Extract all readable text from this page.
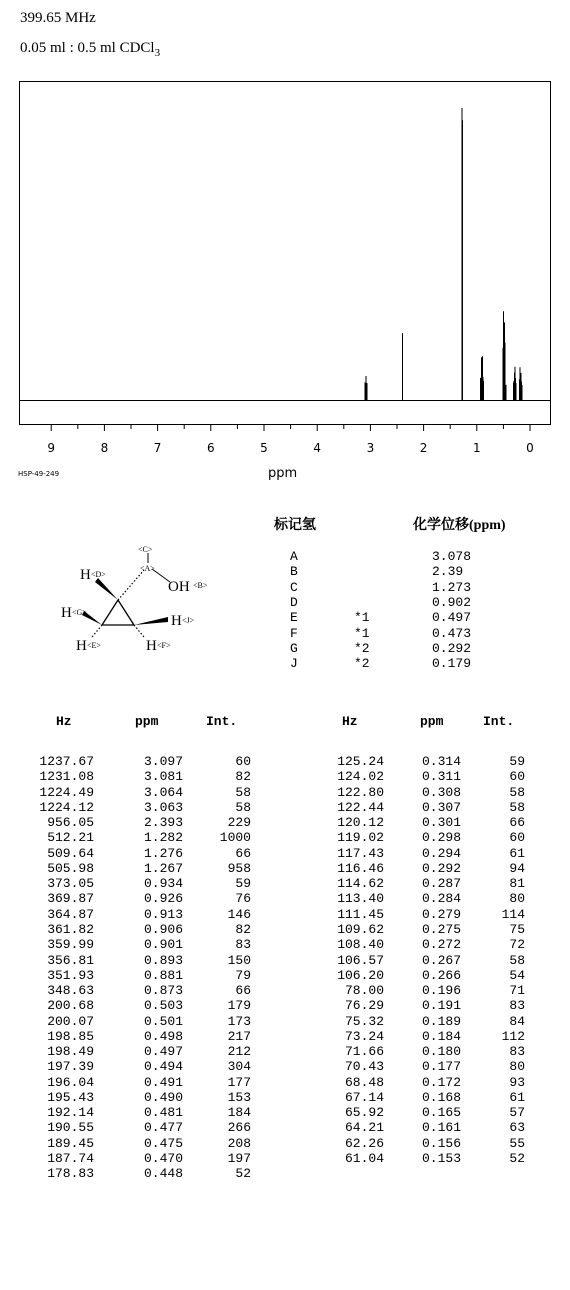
399.65 MHz
0.05 ml : 0.5 ml CDCl$_3$
9	8	7	6	5	4	3	2	1	0
HSP-49-249	ppm
<C>
<A>
OH <B>
H <D>
H <G>
H <J>
H <E>	H <F>
标记氢	化学位移(ppm)
A	3.078
B	2.39
C	1.273
D	0.902
E	*1	0.497
F	*1	0.473
G	*2	0.292
J	*2	0.179
Hz	ppm	Int.
1237.67	3.097	60
1231.08	3.081	82
1224.49	3.064	58
1224.12	3.063	58
956.05	2.393	229
512.21	1.282	1000
509.64	1.276	66
505.98	1.267	958
373.05	0.934	59
369.87	0.926	76
364.87	0.913	146
361.82	0.906	82
359.99	0.901	83
356.81	0.893	150
351.93	0.881	79
348.63	0.873	66
200.68	0.503	179
200.07	0.501	173
198.85	0.498	217
198.49	0.497	212
197.39	0.494	304
196.04	0.491	177
195.43	0.490	153
192.14	0.481	184
190.55	0.477	266
189.45	0.475	208
187.74	0.470	197
178.83	0.448	52
Hz	ppm	Int.
125.24	0.314	59
124.02	0.311	60
122.80	0.308	58
122.44	0.307	58
120.12	0.301	66
119.02	0.298	60
117.43	0.294	61
116.46	0.292	94
114.62	0.287	81
113.40	0.284	80
111.45	0.279	114
109.62	0.275	75
108.40	0.272	72
106.57	0.267	58
106.20	0.266	54
78.00	0.196	71
76.29	0.191	83
75.32	0.189	84
73.24	0.184	112
71.66	0.180	83
70.43	0.177	80
68.48	0.172	93
67.14	0.168	61
65.92	0.165	57
64.21	0.161	63
62.26	0.156	55
61.04	0.153	52
